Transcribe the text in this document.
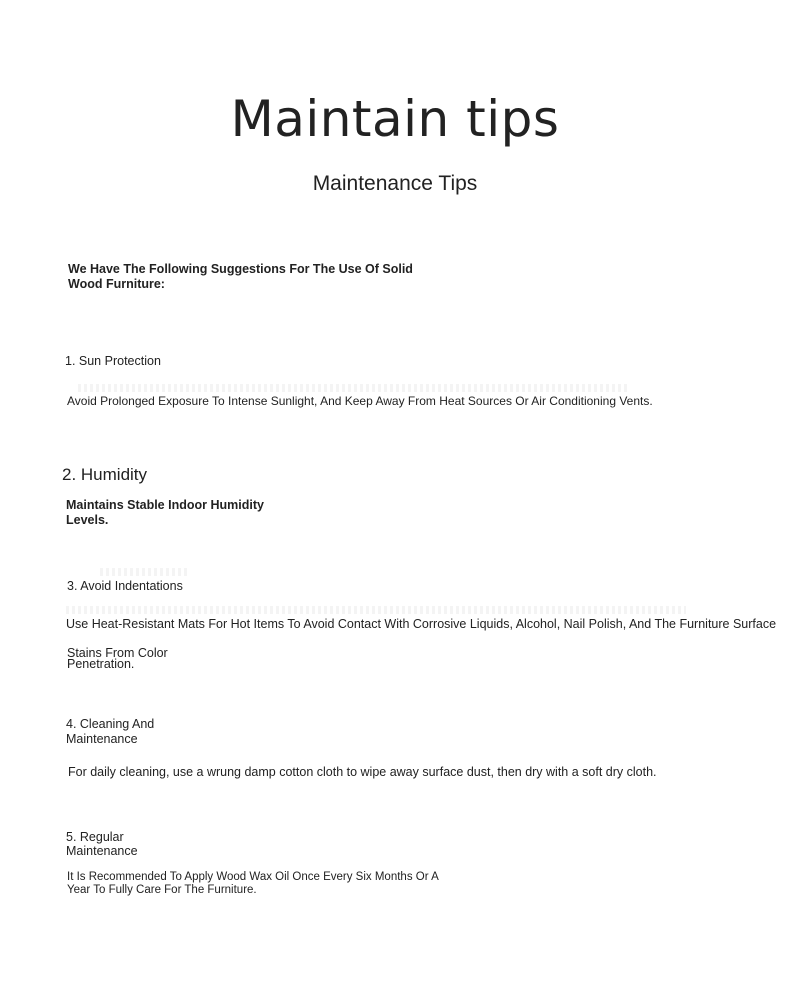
Maintain tips
Maintenance Tips
We Have The Following Suggestions For The Use Of Solid
Wood Furniture:
1. Sun Protection
Avoid Prolonged Exposure To Intense Sunlight, And Keep Away From Heat Sources Or Air Conditioning Vents.
2. Humidity
Maintains Stable Indoor Humidity
Levels.
3. Avoid Indentations
Use Heat-Resistant Mats For Hot Items To Avoid Contact With Corrosive Liquids, Alcohol, Nail Polish, And The Furniture Surface
Stains From Color
Penetration.
4. Cleaning And
Maintenance
For daily cleaning, use a wrung damp cotton cloth to wipe away surface dust, then dry with a soft dry cloth.
5. Regular
Maintenance
It Is Recommended To Apply Wood Wax Oil Once Every Six Months Or A
Year To Fully Care For The Furniture.
